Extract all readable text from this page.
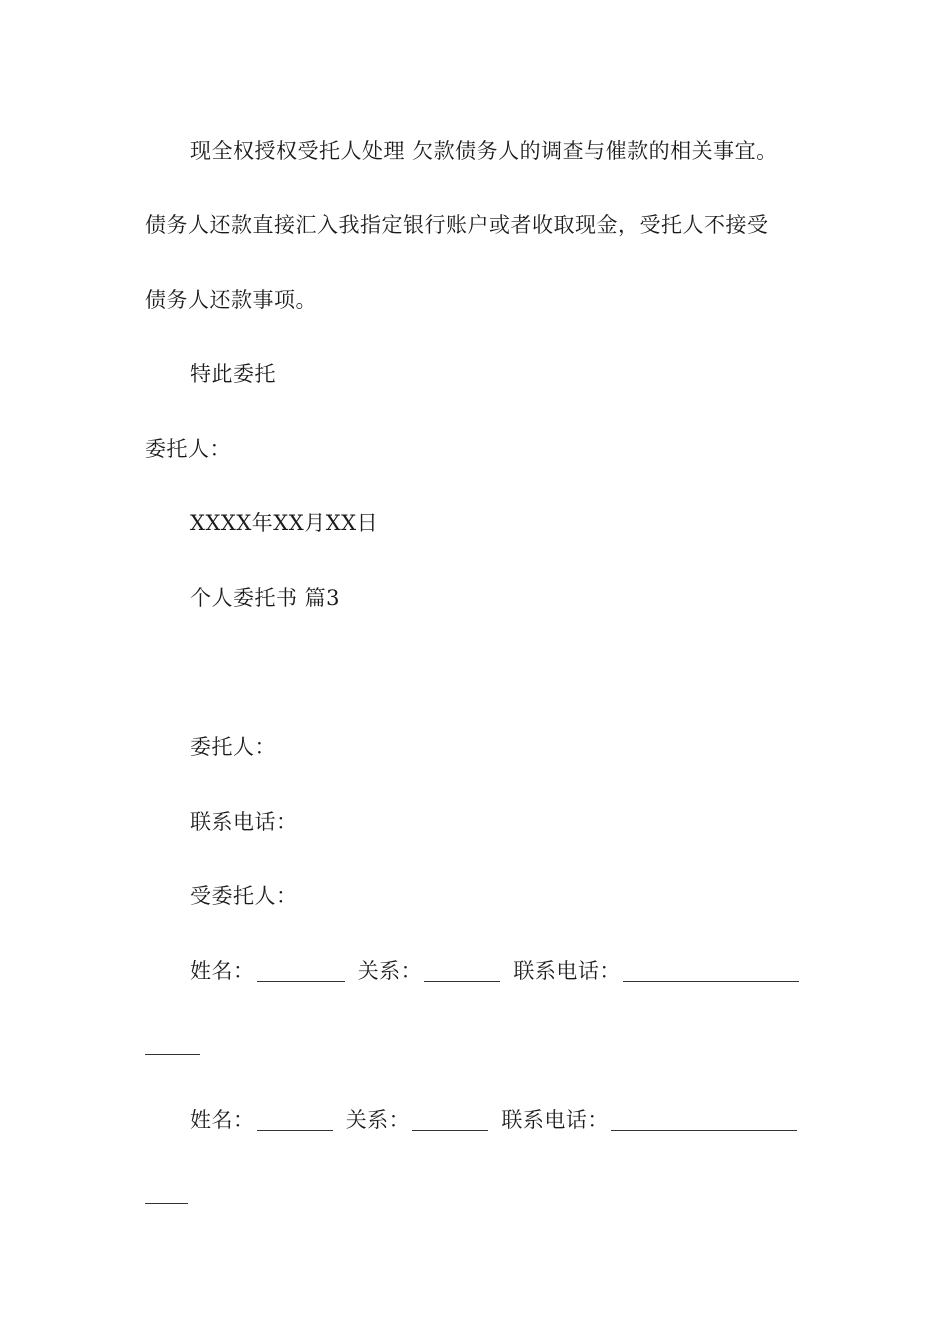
现全权授权受托人处理 欠款债务人的调查与催款的相关事宜。
债务人还款直接汇入我指定银行账户或者收取现金，受托人不接受
债务人还款事项。
特此委托
委托人：
XXXX年XX月XX日
个人委托书 篇3
委托人：
联系电话：
受委托人：
姓名：	关系：	联系电话：
姓名：	关系：	联系电话：
